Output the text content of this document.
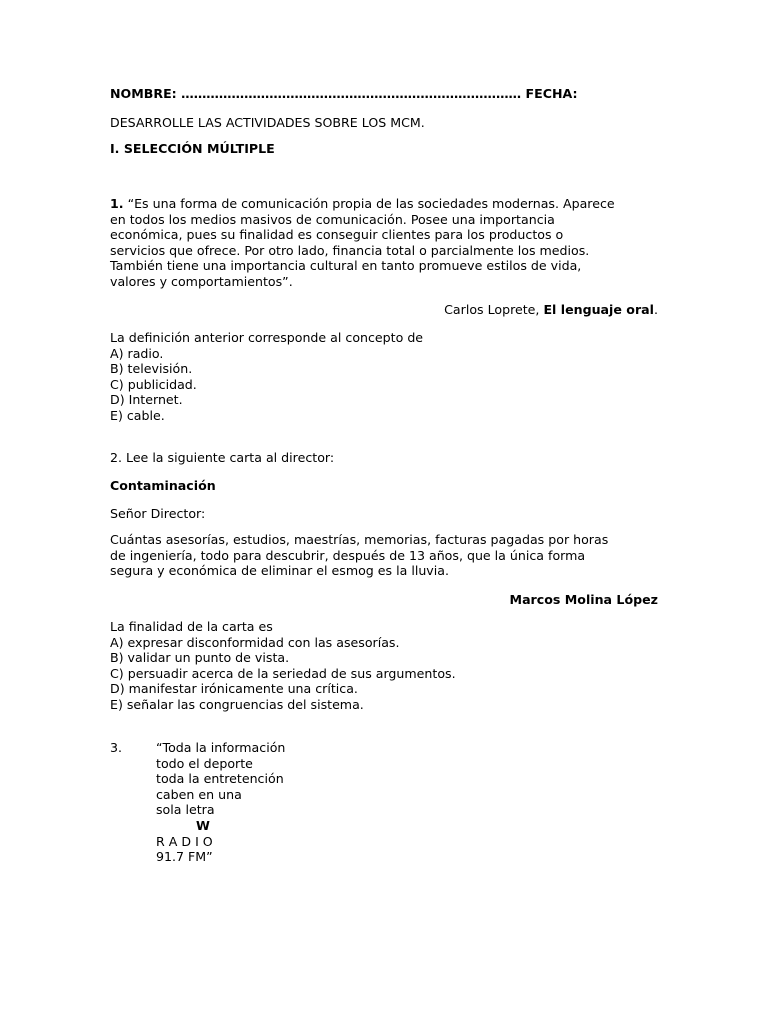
NOMBRE: ……………………………………………………………………… FECHA:
DESARROLLE LAS ACTIVIDADES SOBRE LOS MCM.
I. SELECCIÓN MÚLTIPLE
1. “Es una forma de comunicación propia de las sociedades modernas. Aparece
en todos los medios masivos de comunicación. Posee una importancia
económica, pues su finalidad es conseguir clientes para los productos o
servicios que ofrece. Por otro lado, financia total o parcialmente los medios.
También tiene una importancia cultural en tanto promueve estilos de vida,
valores y comportamientos”.
Carlos Loprete, El lenguaje oral.
La definición anterior corresponde al concepto de
A) radio.
B) televisión.
C) publicidad.
D) Internet.
E) cable.
2. Lee la siguiente carta al director:
Contaminación
Señor Director:
Cuántas asesorías, estudios, maestrías, memorias, facturas pagadas por horas
de ingeniería, todo para descubrir, después de 13 años, que la única forma
segura y económica de eliminar el esmog es la lluvia.
Marcos Molina López
La finalidad de la carta es
A) expresar disconformidad con las asesorías.
B) validar un punto de vista.
C) persuadir acerca de la seriedad de sus argumentos.
D) manifestar irónicamente una crítica.
E) señalar las congruencias del sistema.
3.	“Toda la información
todo el deporte
toda la entretención
caben en una
sola letra
W
R A D I O
91.7 FM”
